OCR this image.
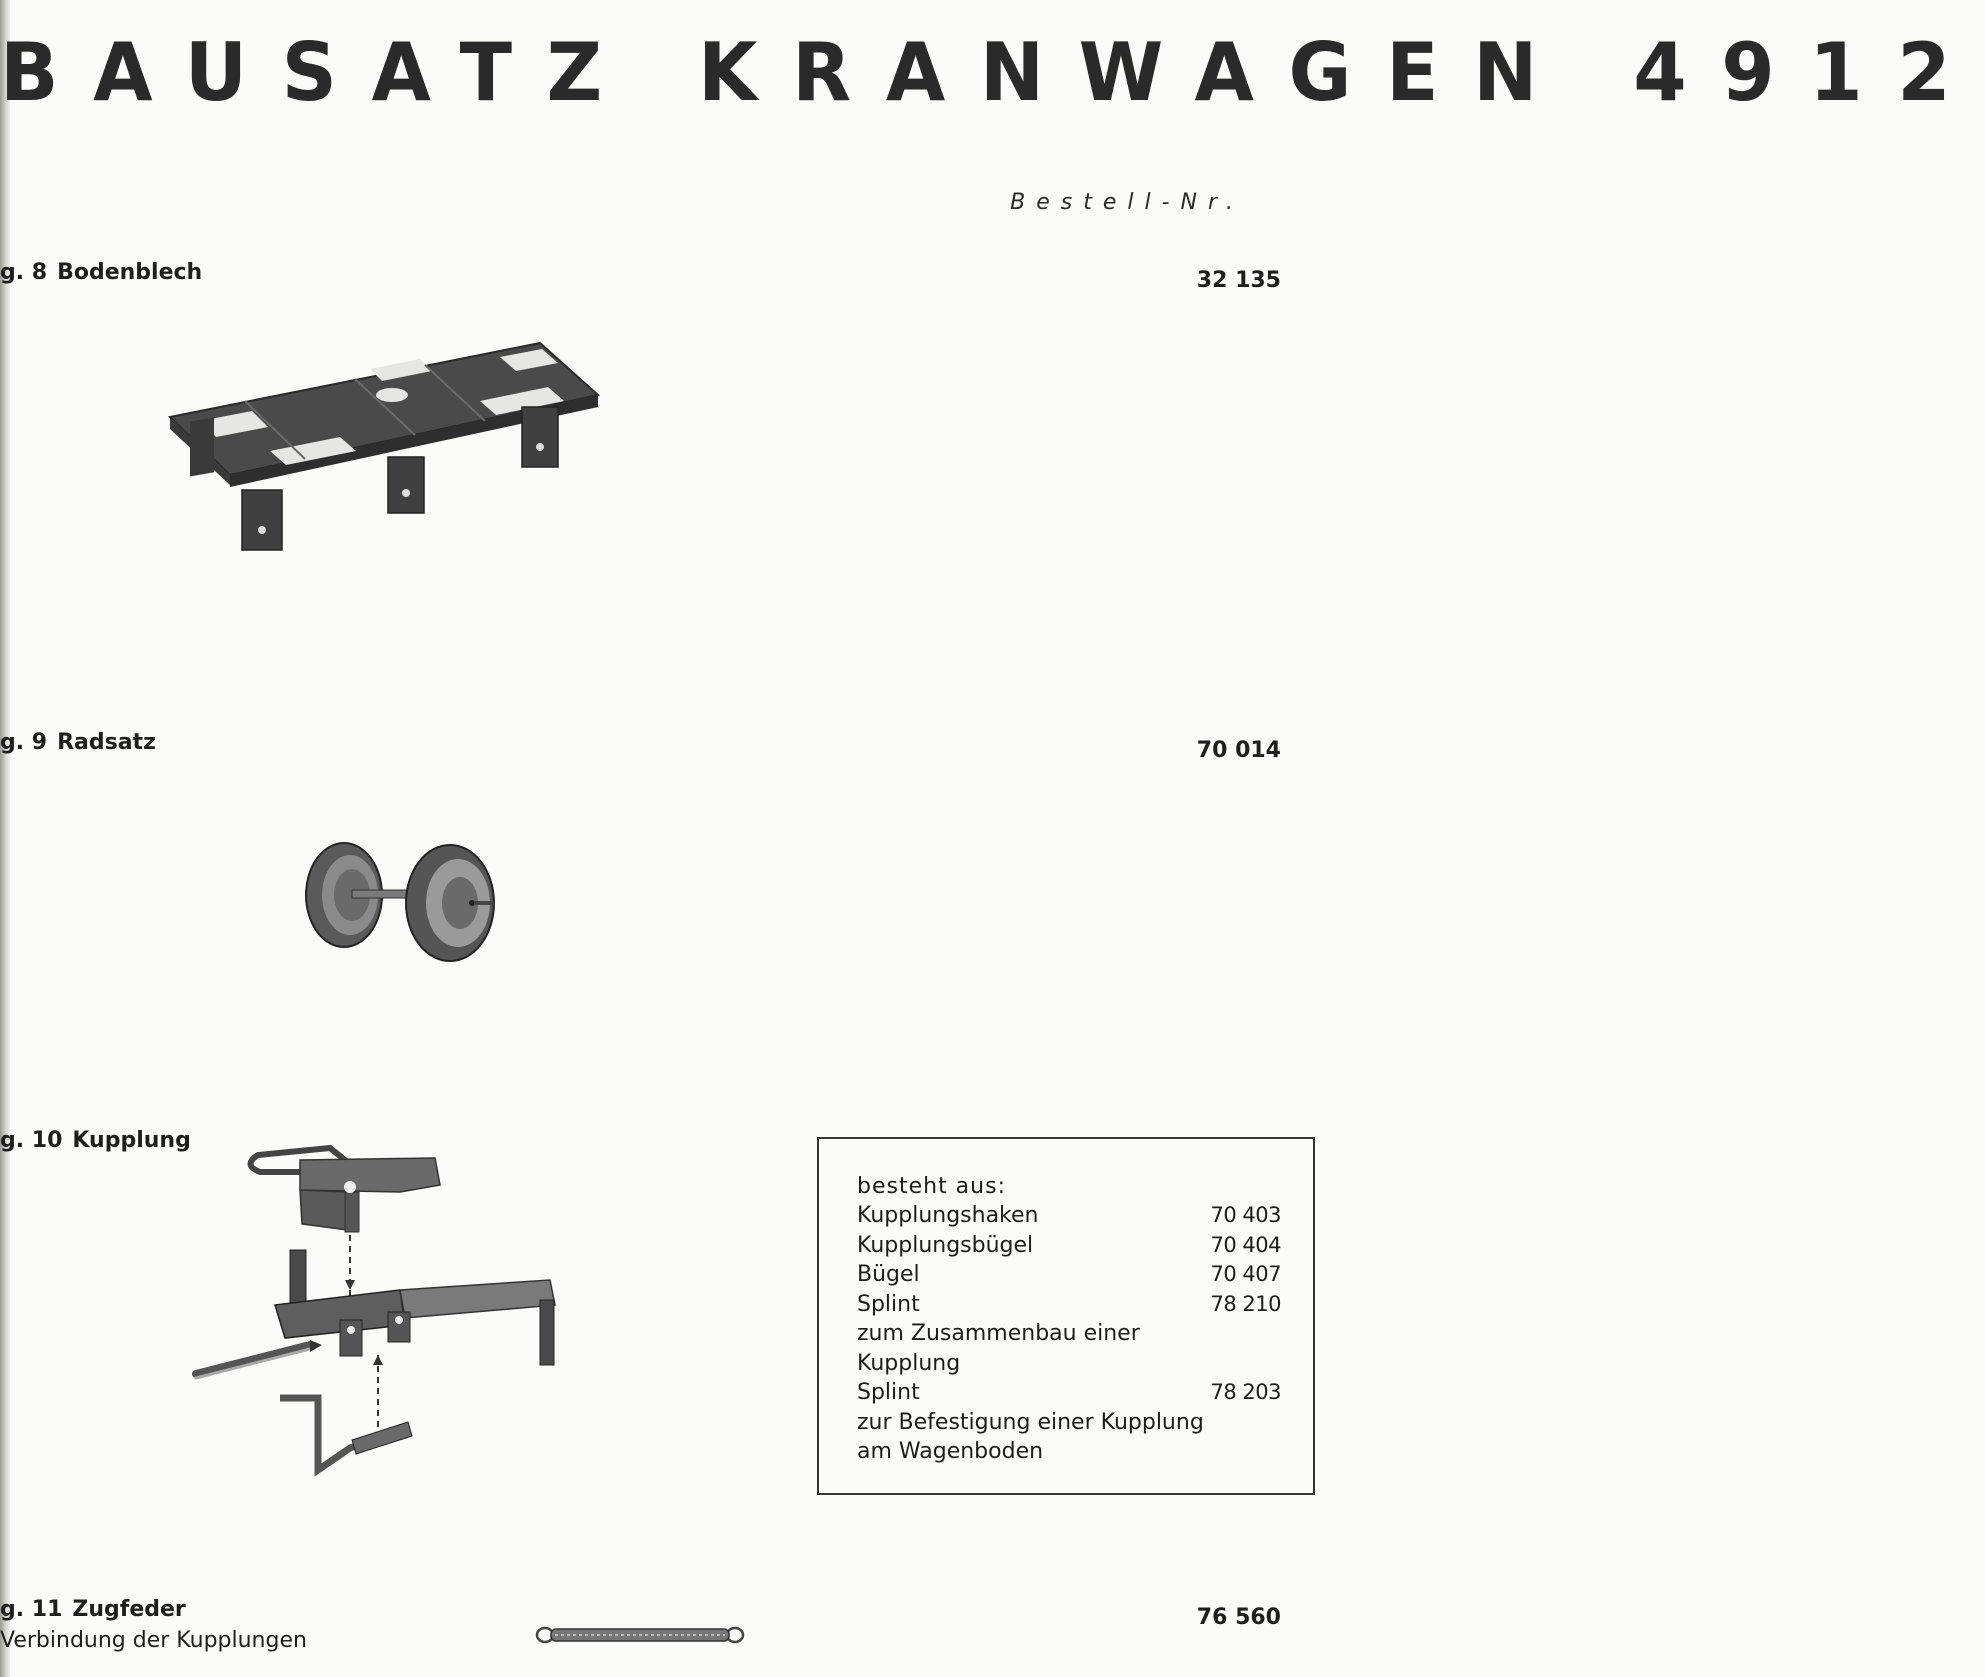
BAUSATZ KRANWAGEN 4912
Bestell-Nr.
g. 8 Bodenblech	32 135
g. 9 Radsatz	70 014
g. 10 Kupplung
besteht aus:
Kupplungshaken	70 403
Kupplungsbügel	70 404
Bügel	70 407
Splint	78 210
zum Zusammenbau einer
Kupplung
Splint	78 203
zur Befestigung einer Kupplung
am Wagenboden
g. 11 Zugfeder	76 560
Verbindung der Kupplungen
